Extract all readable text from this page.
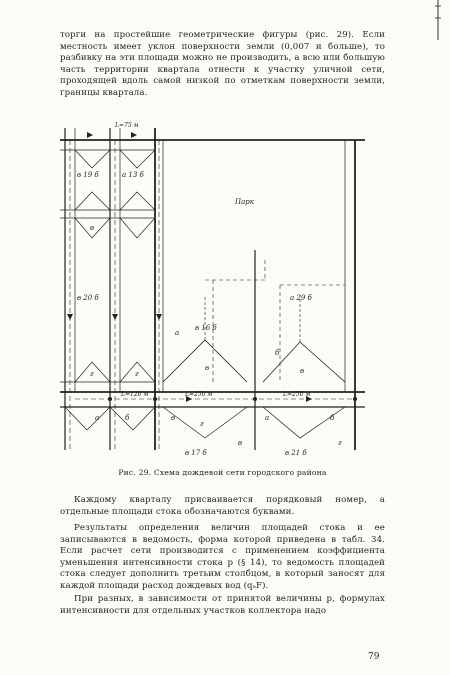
торги на простейшие геометрические фигуры (рис. 29). Если местность имеет уклон поверхности земли (0,007 и больше), то разбивку на эти площади можно не производить, а всю или большую часть территории квартала отнести к участку уличной сети, проходящей вдоль самой низкой по отметкам поверхности земли, границы квартала.
Парк
L=75 м
L=120 м	L=250 м	L=250 м
в 19 б	а 13 б
в
г
в 20 б
г
а
б
в
а 29 б
в
г
в 16 б
в 17 б	в 21 б
а	б	в	а	б
в	г
Рис. 29. Схема дождевой сети городского района
Каждому кварталу присваивается порядковый номер, а отдельные площади стока обозначаются буквами.
Результаты определения величин площадей стока и ее записываются в ведомость, форма которой приведена в табл. 34. Если расчет сети производится с применением коэффициента уменьшения интенсивности стока p (§ 14), то ведомость площадей стока следует дополнить третьим столбцом, в который заносят для каждой площади расход дождевых вод (qₐF).
При разных, в зависимости от принятой величины p, формулах интенсивности для отдельных участков коллектора надо
79
